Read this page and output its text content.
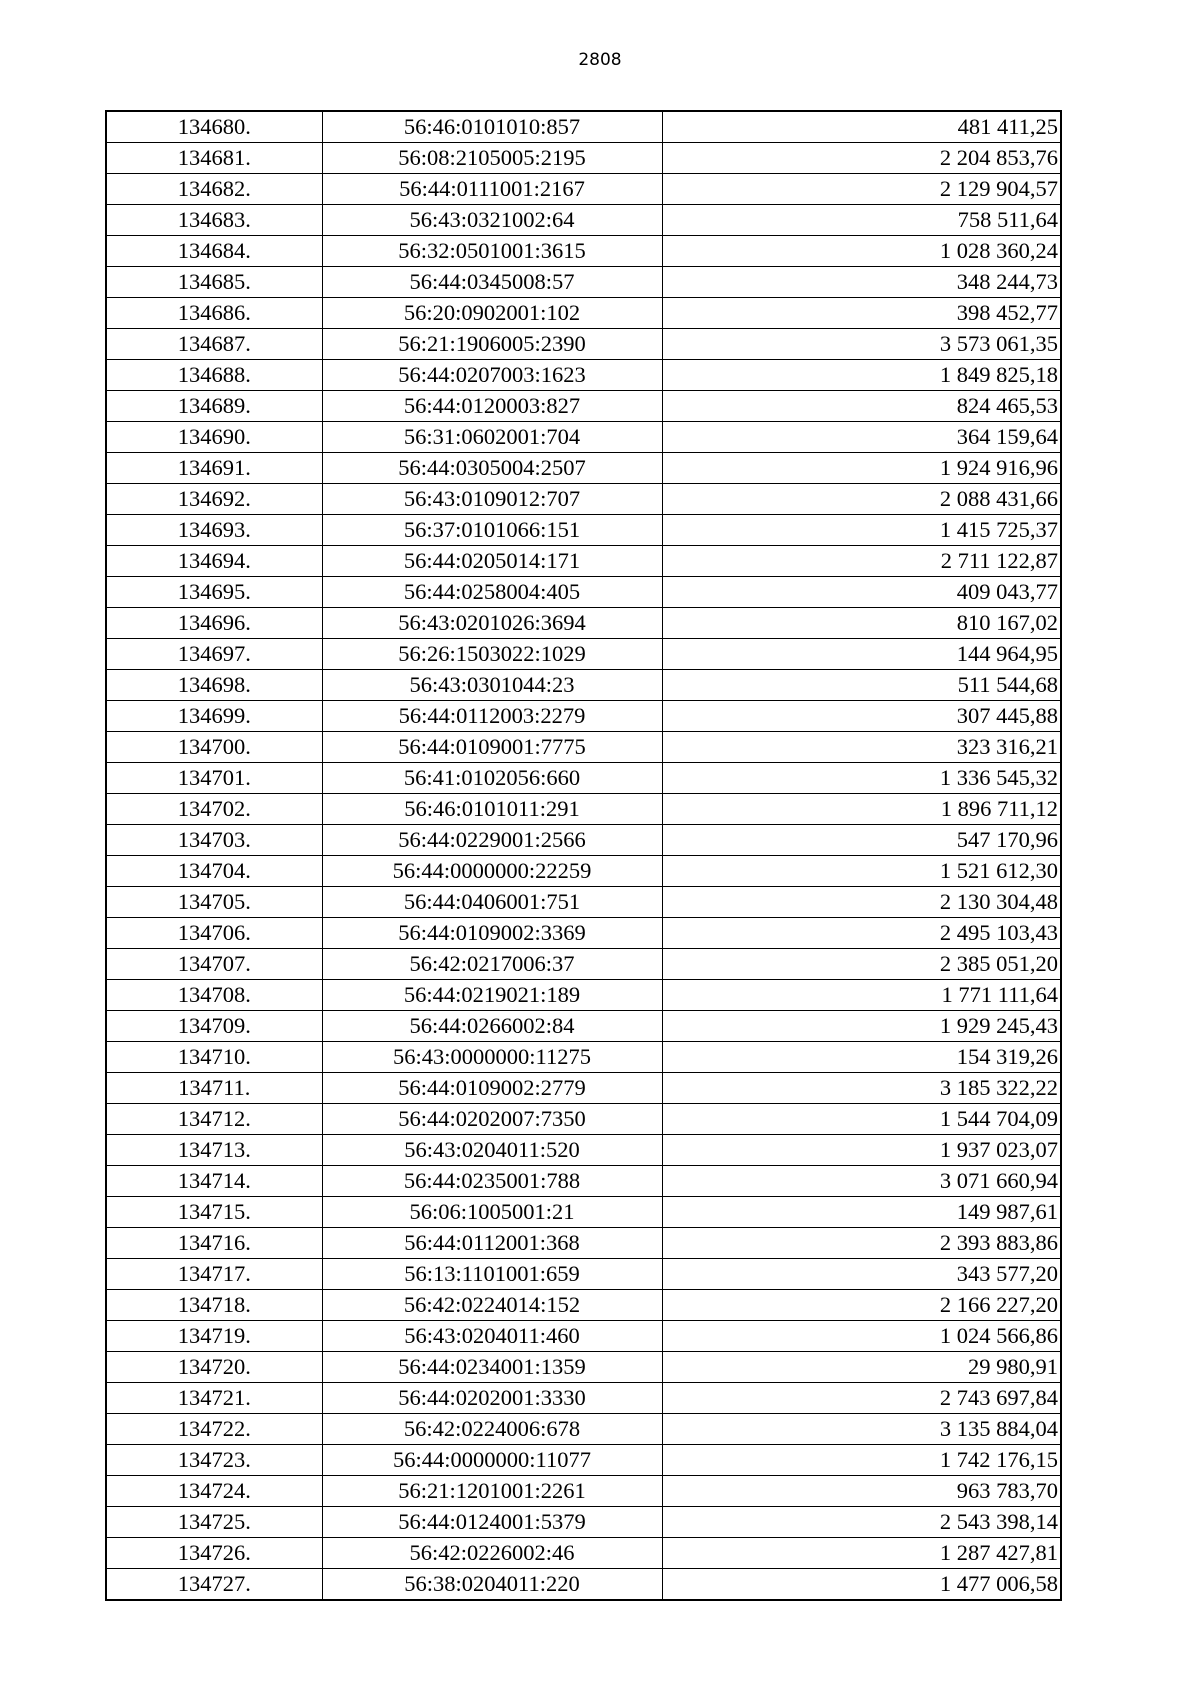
2808
134680.	56:46:0101010:857	481 411,25
134681.	56:08:2105005:2195	2 204 853,76
134682.	56:44:0111001:2167	2 129 904,57
134683.	56:43:0321002:64	758 511,64
134684.	56:32:0501001:3615	1 028 360,24
134685.	56:44:0345008:57	348 244,73
134686.	56:20:0902001:102	398 452,77
134687.	56:21:1906005:2390	3 573 061,35
134688.	56:44:0207003:1623	1 849 825,18
134689.	56:44:0120003:827	824 465,53
134690.	56:31:0602001:704	364 159,64
134691.	56:44:0305004:2507	1 924 916,96
134692.	56:43:0109012:707	2 088 431,66
134693.	56:37:0101066:151	1 415 725,37
134694.	56:44:0205014:171	2 711 122,87
134695.	56:44:0258004:405	409 043,77
134696.	56:43:0201026:3694	810 167,02
134697.	56:26:1503022:1029	144 964,95
134698.	56:43:0301044:23	511 544,68
134699.	56:44:0112003:2279	307 445,88
134700.	56:44:0109001:7775	323 316,21
134701.	56:41:0102056:660	1 336 545,32
134702.	56:46:0101011:291	1 896 711,12
134703.	56:44:0229001:2566	547 170,96
134704.	56:44:0000000:22259	1 521 612,30
134705.	56:44:0406001:751	2 130 304,48
134706.	56:44:0109002:3369	2 495 103,43
134707.	56:42:0217006:37	2 385 051,20
134708.	56:44:0219021:189	1 771 111,64
134709.	56:44:0266002:84	1 929 245,43
134710.	56:43:0000000:11275	154 319,26
134711.	56:44:0109002:2779	3 185 322,22
134712.	56:44:0202007:7350	1 544 704,09
134713.	56:43:0204011:520	1 937 023,07
134714.	56:44:0235001:788	3 071 660,94
134715.	56:06:1005001:21	149 987,61
134716.	56:44:0112001:368	2 393 883,86
134717.	56:13:1101001:659	343 577,20
134718.	56:42:0224014:152	2 166 227,20
134719.	56:43:0204011:460	1 024 566,86
134720.	56:44:0234001:1359	29 980,91
134721.	56:44:0202001:3330	2 743 697,84
134722.	56:42:0224006:678	3 135 884,04
134723.	56:44:0000000:11077	1 742 176,15
134724.	56:21:1201001:2261	963 783,70
134725.	56:44:0124001:5379	2 543 398,14
134726.	56:42:0226002:46	1 287 427,81
134727.	56:38:0204011:220	1 477 006,58
